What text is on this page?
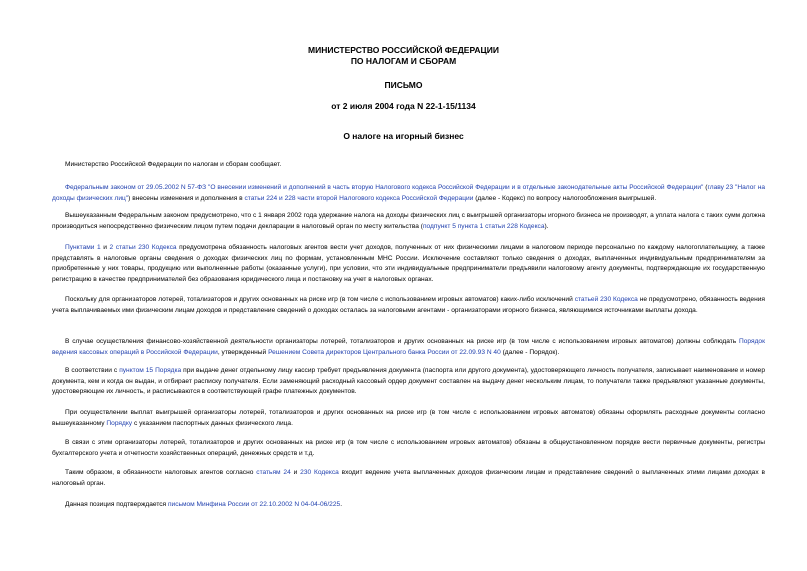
МИНИСТЕРСТВО РОССИЙСКОЙ ФЕДЕРАЦИИ
ПО НАЛОГАМ И СБОРАМ
ПИСЬМО
от 2 июля 2004 года N 22-1-15/1134
О налоге на игорный бизнес

Министерство Российской Федерации по налогам и сборам сообщает.

Федеральным законом от 29.05.2002 N 57-ФЗ "О внесении изменений и дополнений в часть вторую Налогового кодекса Российской Федерации и в отдельные законодательные акты Российской Федерации" (главу 23 "Налог на доходы физических лиц") внесены изменения и дополнения в статьи 224 и 228 части второй Налогового кодекса Российской Федерации (далее - Кодекс) по вопросу налогообложения выигрышей.

Вышеуказанным Федеральным законом предусмотрено, что с 1 января 2002 года удержание налога на доходы физических лиц с выигрышей организаторы игорного бизнеса не производят, а уплата налога с таких сумм должна производиться непосредственно физическим лицом путем подачи декларации в налоговый орган по месту жительства (подпункт 5 пункта 1 статьи 228 Кодекса).

Пунктами 1 и 2 статьи 230 Кодекса предусмотрена обязанность налоговых агентов вести учет доходов, полученных от них физическими лицами в налоговом периоде персонально по каждому налогоплательщику, а также представлять в налоговые органы сведения о доходах физических лиц по формам, установленным МНС России. Исключение составляют только сведения о доходах, выплаченных индивидуальным предпринимателям за приобретенные у них товары, продукцию или выполненные работы (оказанные услуги), при условии, что эти индивидуальные предприниматели предъявили налоговому агенту документы, подтверждающие их государственную регистрацию в качестве предпринимателей без образования юридического лица и постановку на учет в налоговых органах.

Поскольку для организаторов лотерей, тотализаторов и других основанных на риске игр (в том числе с использованием игровых автоматов) каких-либо исключений статьей 230 Кодекса не предусмотрено, обязанность ведения учета выплачиваемых ими физическим лицам доходов и представление сведений о доходах осталась за налоговыми агентами - организаторами игорного бизнеса, являющимися источниками выплаты дохода.

В случае осуществления финансово-хозяйственной деятельности организаторы лотерей, тотализаторов и других основанных на риске игр (в том числе с использованием игровых автоматов) должны соблюдать Порядок ведения кассовых операций в Российской Федерации, утвержденный Решением Совета директоров Центрального банка России от 22.09.93 N 40 (далее - Порядок).

В соответствии с пунктом 15 Порядка при выдаче денег отдельному лицу кассир требует предъявления документа (паспорта или другого документа), удостоверяющего личность получателя, записывает наименование и номер документа, кем и когда он выдан, и отбирает расписку получателя. Если заменяющий расходный кассовый ордер документ составлен на выдачу денег нескольким лицам, то получатели также предъявляют указанные документы, удостоверяющие их личность, и расписываются в соответствующей графе платежных документов.

При осуществлении выплат выигрышей организаторы лотерей, тотализаторов и других основанных на риске игр (в том числе с использованием игровых автоматов) обязаны оформлять расходные документы согласно вышеуказанному Порядку с указанием паспортных данных физического лица.

В связи с этим организаторы лотерей, тотализаторов и других основанных на риске игр (в том числе с использованием игровых автоматов) обязаны в общеустановленном порядке вести первичные документы, регистры бухгалтерского учета и отчетности хозяйственных операций, денежных средств и т.д.

Таким образом, в обязанности налоговых агентов согласно статьям 24 и 230 Кодекса входит ведение учета выплаченных доходов физическим лицам и представление сведений о выплаченных этими лицами доходах в налоговый орган.

Данная позиция подтверждается письмом Минфина России от 22.10.2002 N 04-04-06/225.
